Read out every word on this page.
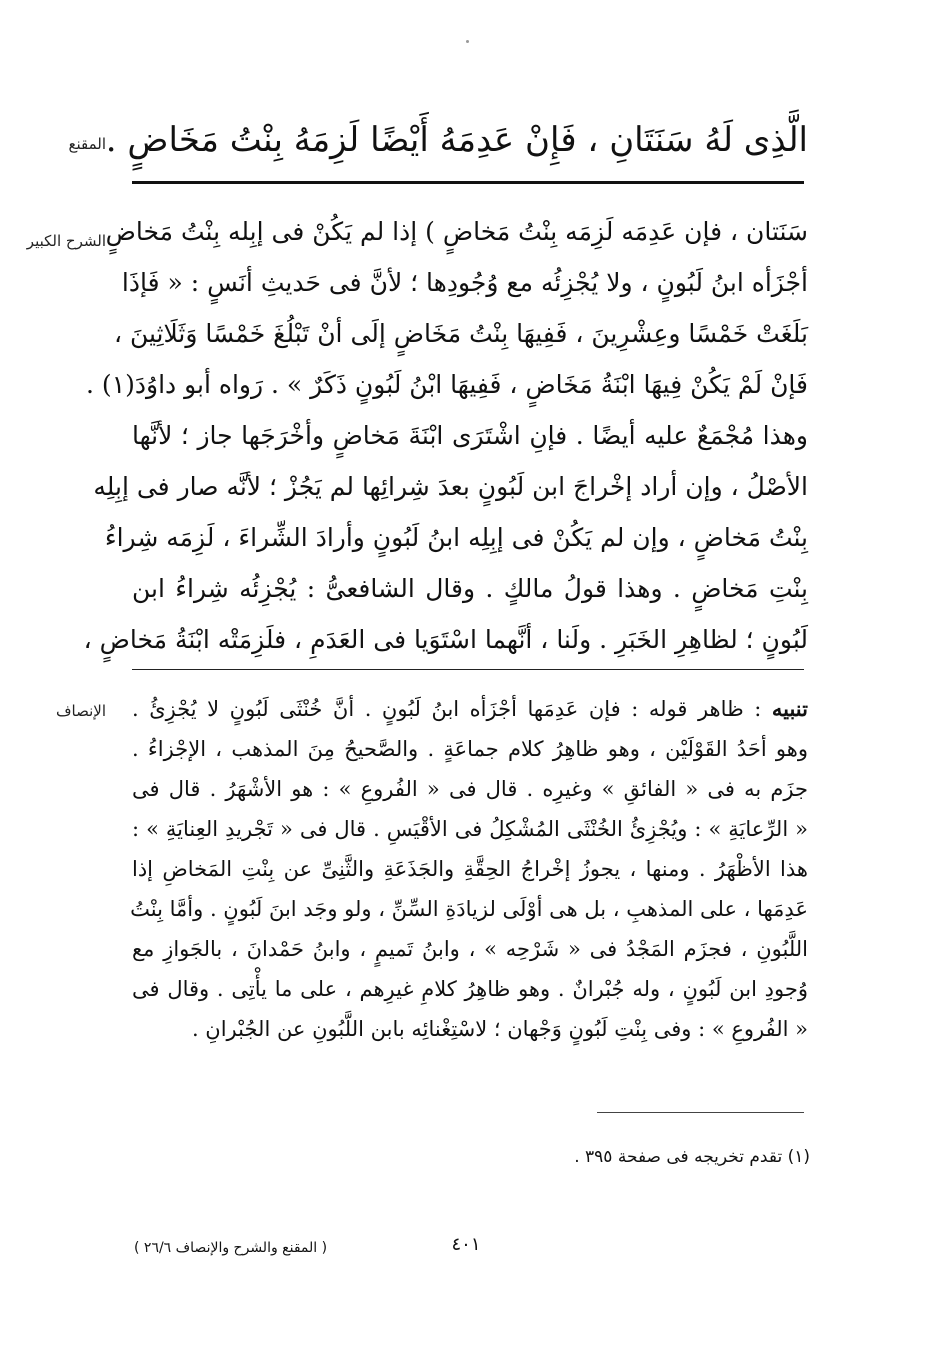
المقنع الَّذِى لَهُ سَنَتَانِ ، فَإِنْ عَدِمَهُ أَيْضًا لَزِمَهُ بِنْتُ مَخَاضٍ .
الشرح الكبير سَنَتان ، فإن عَدِمَه لَزِمَه بِنْتُ مَخاضٍ ) إذا لم يَكُنْ فى إبِله بِنْتُ مَخاضٍ
أجْزَأه ابنُ لَبُونٍ ، ولا يُجْزِئُه مع وُجُودِها ؛ لأنَّ فى حَديثِ أنَسٍ : « فَإذَا
بَلَغَتْ خَمْسًا وعِشْرِينَ ، فَفِيهَا بِنْتُ مَخَاضٍ إلَى أنْ تَبْلُغَ خَمْسًا وَثَلَاثِينَ ،
فَإنْ لَمْ يَكُنْ فِيهَا ابْنَةُ مَخَاضٍ ، فَفِيهَا ابْنُ لَبُونٍ ذَكَرٌ » . رَواه أبو داوُدَ(١) .
وهذا مُجْمَعٌ عليه أيضًا . فإنِ اشْتَرَى ابْنَةَ مَخاضٍ وأخْرَجَها جاز ؛ لأنَّها
الأصْلُ ، وإن أراد إخْراجَ ابن لَبُونٍ بعدَ شِرائِها لم يَجُزْ ؛ لأنَّه صار فى إبِلِه
بِنْتُ مَخاضٍ ، وإن لم يَكُنْ فى إبِلِه ابنُ لَبُونٍ وأرادَ الشِّراءَ ، لَزِمَه شِراءُ
بِنْتِ مَخاضٍ . وهذا قولُ مالكٍ . وقال الشافعىُّ : يُجْزِئُه شِراءُ ابن
لَبُونٍ ؛ لظاهِرِ الخَبَرِ . ولَنا ، أنَّهما اسْتَوَيا فى العَدَمِ ، فلَزِمَتْه ابْنَةُ مَخاضٍ ،
الإنصاف	تنبيه : ظاهر قوله : فإن عَدِمَها أجْزَأه ابنُ لَبُونٍ . أنَّ خُنْثَى لَبُونٍ لا يُجْزِئُ .
وهو أحَدُ القَوْلَيْن ، وهو ظاهِرُ كلام جماعَةٍ . والصَّحيحُ مِنَ المذهب ، الإجْزاءُ .
جزَم به فى « الفائقِ » وغيرِه . قال فى « الفُروعِ » : هو الأشْهَرُ . قال فى
« الرِّعايَةِ » : ويُجْزِئُ الخُنْثَى المُشْكِلُ فى الأقْيَسِ . قال فى « تَجْريدِ العِنايَةِ » :
هذا الأظْهَرُ . ومنها ، يجوزُ إخْراجُ الحِقَّةِ والجَذَعَةِ والثَّنِىِّ عن بِنْتِ المَخاضِ إذا
عَدِمَها ، على المذهبِ ، بل هى أوْلَى لزيادَةِ السِّنِّ ، ولو وجَد ابنَ لَبُونٍ . وأمَّا بِنْتُ
اللَّبُونِ ، فجزَم المَجْدُ فى « شَرْحِه » ، وابنُ تَميمٍ ، وابنُ حَمْدانَ ، بالجَوازِ مع
وُجودِ ابن لَبُونٍ ، وله جُبْرانٌ . وهو ظاهِرُ كلامِ غيرِهم ، على ما يأْتِى . وقال فى
« الفُروعِ » : وفى بِنْتِ لَبُونٍ وَجْهان ؛ لاسْتِغْنائِه بابن اللَّبُونِ عن الجُبْرانِ .
(١) تقدم تخريجه فى صفحة ٣٩٥ .
٤٠١
( المقنع والشرح والإنصاف ٢٦/٦ )
